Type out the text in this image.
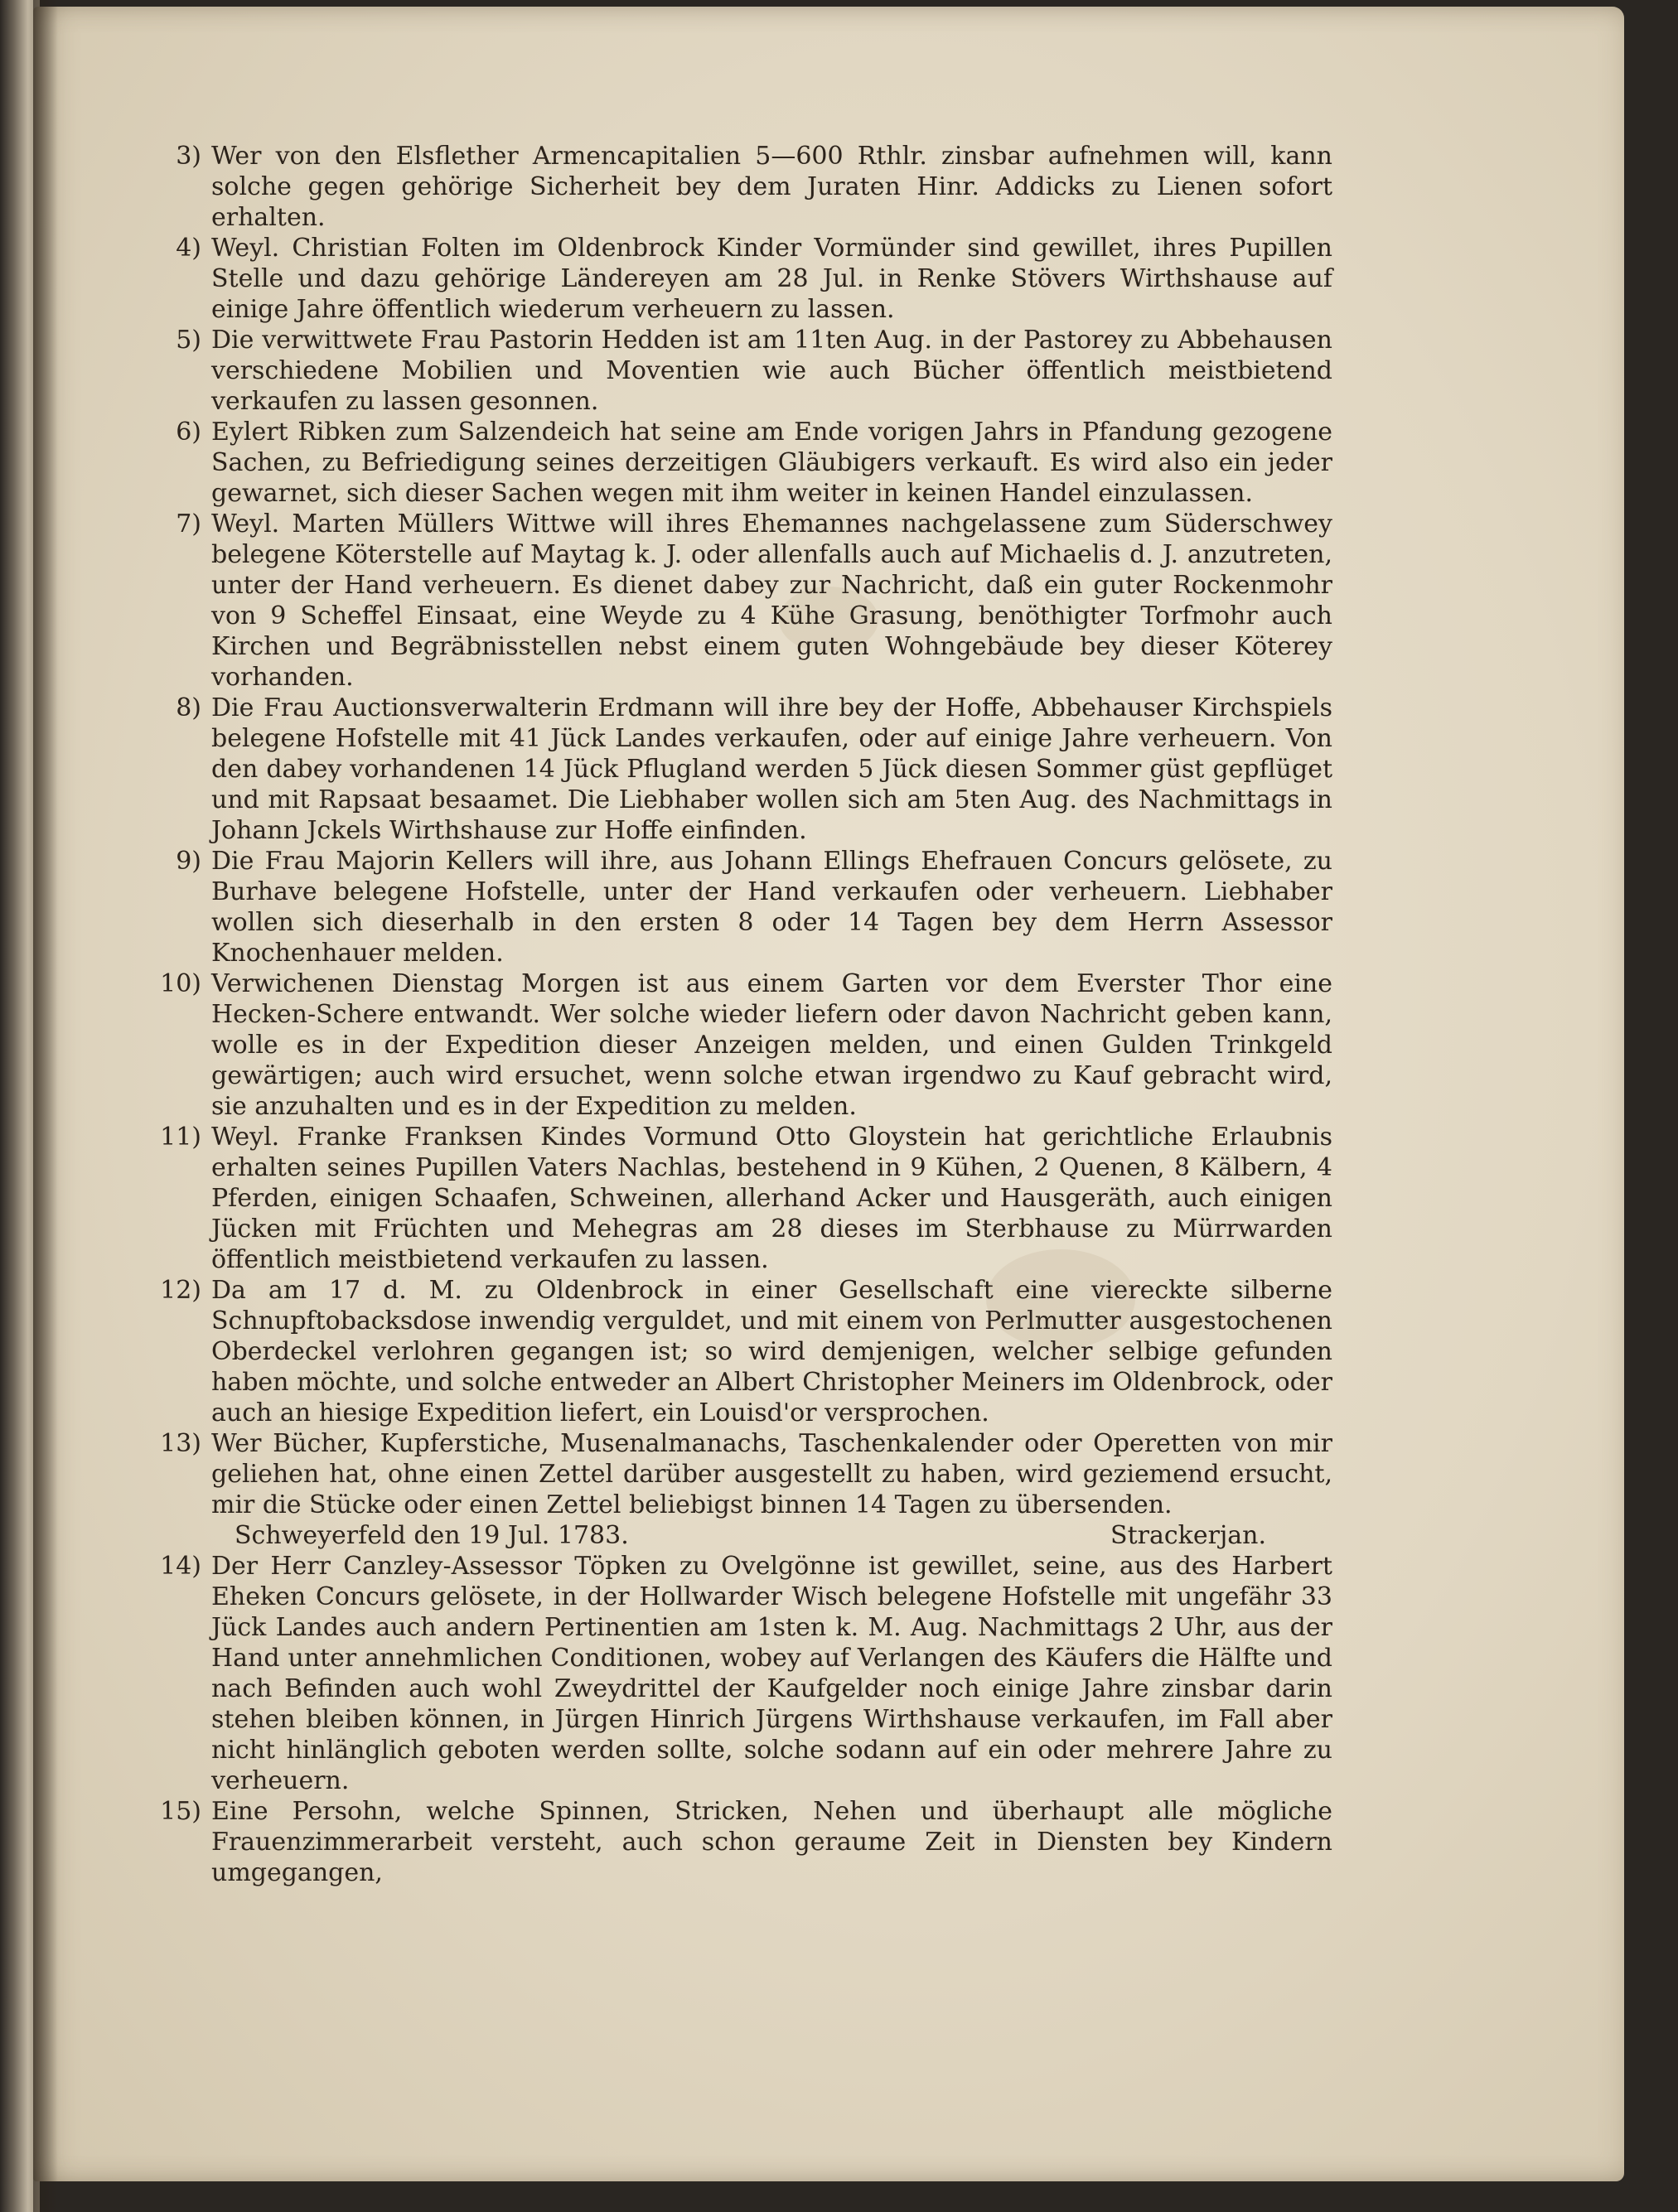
3) Wer von den Elsflether Armencapitalien 5—600 Rthlr. zinsbar aufnehmen will, kann solche gegen gehörige Sicherheit bey dem Juraten Hinr. Addicks zu Lienen sofort erhalten.
4) Weyl. Christian Folten im Oldenbrock Kinder Vormünder sind gewillet, ihres Pupillen Stelle und dazu gehörige Ländereyen am 28 Jul. in Renke Stövers Wirthshause auf einige Jahre öffentlich wiederum verheuern zu lassen.
5) Die verwittwete Frau Pastorin Hedden ist am 11ten Aug. in der Pastorey zu Abbehausen verschiedene Mobilien und Moventien wie auch Bücher öffentlich meistbietend verkaufen zu lassen gesonnen.
6) Eylert Ribken zum Salzendeich hat seine am Ende vorigen Jahrs in Pfandung gezogene Sachen, zu Befriedigung seines derzeitigen Gläubigers verkauft. Es wird also ein jeder gewarnet, sich dieser Sachen wegen mit ihm weiter in keinen Handel einzulassen.
7) Weyl. Marten Müllers Wittwe will ihres Ehemannes nachgelassene zum Süderschwey belegene Köterstelle auf Maytag k. J. oder allenfalls auch auf Michaelis d. J. anzutreten, unter der Hand verheuern. Es dienet dabey zur Nachricht, daß ein guter Rockenmohr von 9 Scheffel Einsaat, eine Weyde zu 4 Kühe Grasung, benöthigter Torfmohr auch Kirchen und Begräbnisstellen nebst einem guten Wohngebäude bey dieser Köterey vorhanden.
8) Die Frau Auctionsverwalterin Erdmann will ihre bey der Hoffe, Abbehauser Kirchspiels belegene Hofstelle mit 41 Jück Landes verkaufen, oder auf einige Jahre verheuern. Von den dabey vorhandenen 14 Jück Pflugland werden 5 Jück diesen Sommer güst gepflüget und mit Rapsaat besaamet. Die Liebhaber wollen sich am 5ten Aug. des Nachmittags in Johann Jckels Wirthshause zur Hoffe einfinden.
9) Die Frau Majorin Kellers will ihre, aus Johann Ellings Ehefrauen Concurs gelösete, zu Burhave belegene Hofstelle, unter der Hand verkaufen oder verheuern. Liebhaber wollen sich dieserhalb in den ersten 8 oder 14 Tagen bey dem Herrn Assessor Knochenhauer melden.
10) Verwichenen Dienstag Morgen ist aus einem Garten vor dem Everster Thor eine Hecken-Schere entwandt. Wer solche wieder liefern oder davon Nachricht geben kann, wolle es in der Expedition dieser Anzeigen melden, und einen Gulden Trinkgeld gewärtigen; auch wird ersuchet, wenn solche etwan irgendwo zu Kauf gebracht wird, sie anzuhalten und es in der Expedition zu melden.
11) Weyl. Franke Franksen Kindes Vormund Otto Gloystein hat gerichtliche Erlaubnis erhalten seines Pupillen Vaters Nachlas, bestehend in 9 Kühen, 2 Quenen, 8 Kälbern, 4 Pferden, einigen Schaafen, Schweinen, allerhand Acker und Hausgeräth, auch einigen Jücken mit Früchten und Mehegras am 28 dieses im Sterbhause zu Mürrwarden öffentlich meistbietend verkaufen zu lassen.
12) Da am 17 d. M. zu Oldenbrock in einer Gesellschaft eine viereckte silberne Schnupftobacksdose inwendig verguldet, und mit einem von Perlmutter ausgestochenen Oberdeckel verlohren gegangen ist; so wird demjenigen, welcher selbige gefunden haben möchte, und solche entweder an Albert Christopher Meiners im Oldenbrock, oder auch an hiesige Expedition liefert, ein Louisd'or versprochen.
13) Wer Bücher, Kupferstiche, Musenalmanachs, Taschenkalender oder Operetten von mir geliehen hat, ohne einen Zettel darüber ausgestellt zu haben, wird geziemend ersucht, mir die Stücke oder einen Zettel beliebigst binnen 14 Tagen zu übersenden.
Schweyerfeld den 19 Jul. 1783.	Strackerjan.
14) Der Herr Canzley-Assessor Töpken zu Ovelgönne ist gewillet, seine, aus des Harbert Eheken Concurs gelösete, in der Hollwarder Wisch belegene Hofstelle mit ungefähr 33 Jück Landes auch andern Pertinentien am 1sten k. M. Aug. Nachmittags 2 Uhr, aus der Hand unter annehmlichen Conditionen, wobey auf Verlangen des Käufers die Hälfte und nach Befinden auch wohl Zweydrittel der Kaufgelder noch einige Jahre zinsbar darin stehen bleiben können, in Jürgen Hinrich Jürgens Wirthshause verkaufen, im Fall aber nicht hinlänglich geboten werden sollte, solche sodann auf ein oder mehrere Jahre zu verheuern.
15) Eine Persohn, welche Spinnen, Stricken, Nehen und überhaupt alle mögliche Frauenzimmerarbeit versteht, auch schon geraume Zeit in Diensten bey Kindern umgegangen,
